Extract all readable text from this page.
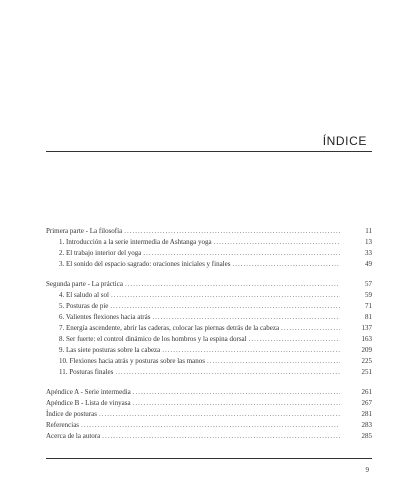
ÍNDICE
Primera parte - La filosofía .....	11
1. Introducción a la serie intermedia de Ashtanga yoga .....	13
2. El trabajo interior del yoga .....	33
3. El sonido del espacio sagrado: oraciones iniciales y finales .....	49
Segunda parte - La práctica .....	57
4. El saludo al sol .....	59
5. Posturas de pie .....	71
6. Valientes flexiones hacia atrás .....	81
7. Energía ascendente, abrir las caderas, colocar las piernas detrás de la cabeza .....	137
8. Ser fuerte: el control dinámico de los hombros y la espina dorsal .....	163
9. Las siete posturas sobre la cabeza .....	209
10. Flexiones hacia atrás y posturas sobre las manos .....	225
11. Posturas finales .....	251
Apéndice A - Serie intermedia .....	261
Apéndice B - Lista de vinyasa .....	267
Índice de posturas .....	281
Referencias .....	283
Acerca de la autora .....	285
9
